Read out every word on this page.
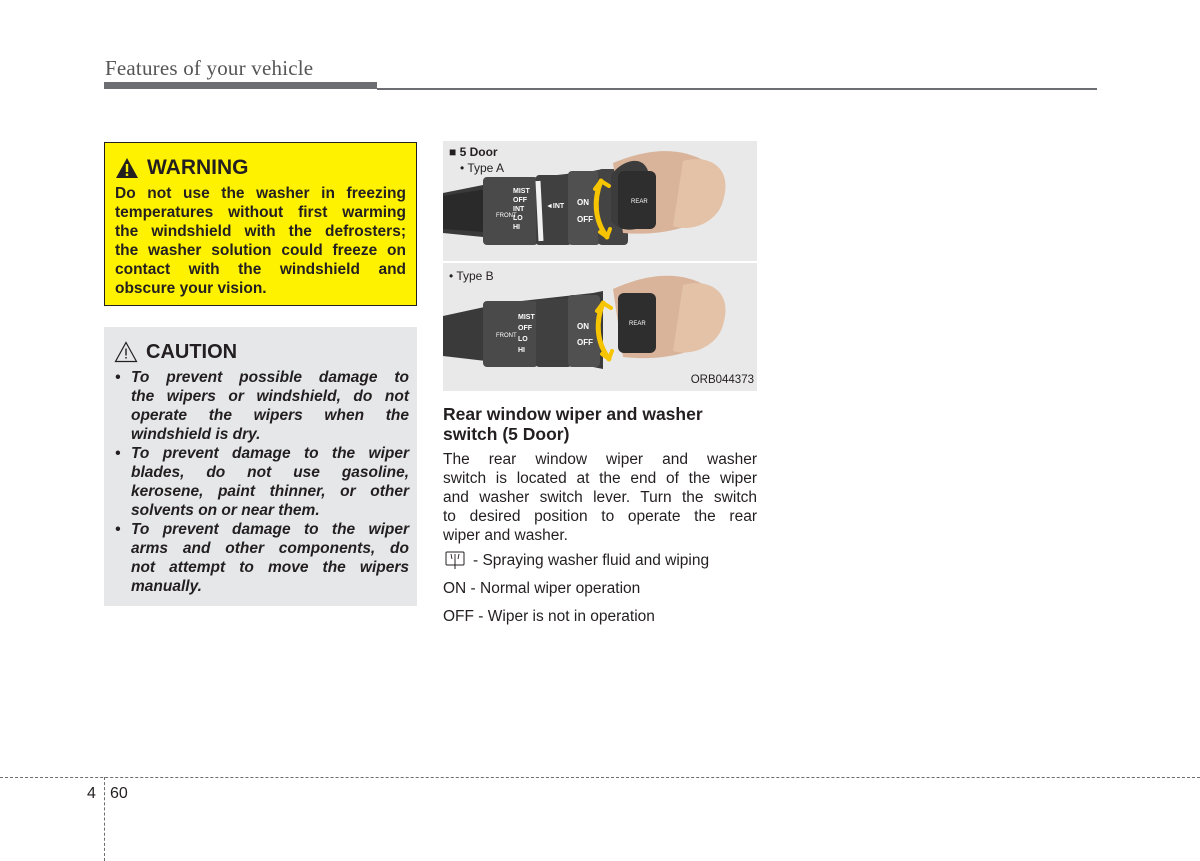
Features of your vehicle
WARNING
Do not use the washer in freezing
temperatures without first warming
the windshield with the defrosters;
the washer solution could freeze on
contact with the windshield and
obscure your vision.
CAUTION
• To prevent possible damage to
the wipers or windshield, do not
operate the wipers when the
windshield is dry.
• To prevent damage to the wiper
blades, do not use gasoline,
kerosene, paint thinner, or other
solvents on or near them.
• To prevent damage to the wiper
arms and other components, do
not attempt to move the wipers
manually.
FRONT
MIST
OFF
INT
LO
HI
◄INT ON
OFF
REAR
FRONT
MIST
OFF
LO
HI
ON
OFF
REAR
■ 5 Door
• Type A
• Type B
ORB044373
Rear window wiper and washer
switch (5 Door)
The rear window wiper and washer
switch is located at the end of the wiper
and washer switch lever. Turn the switch
to desired position to operate the rear
wiper and washer.
- Spraying washer fluid and wiping
ON - Normal wiper operation
OFF - Wiper is not in operation
4 60
